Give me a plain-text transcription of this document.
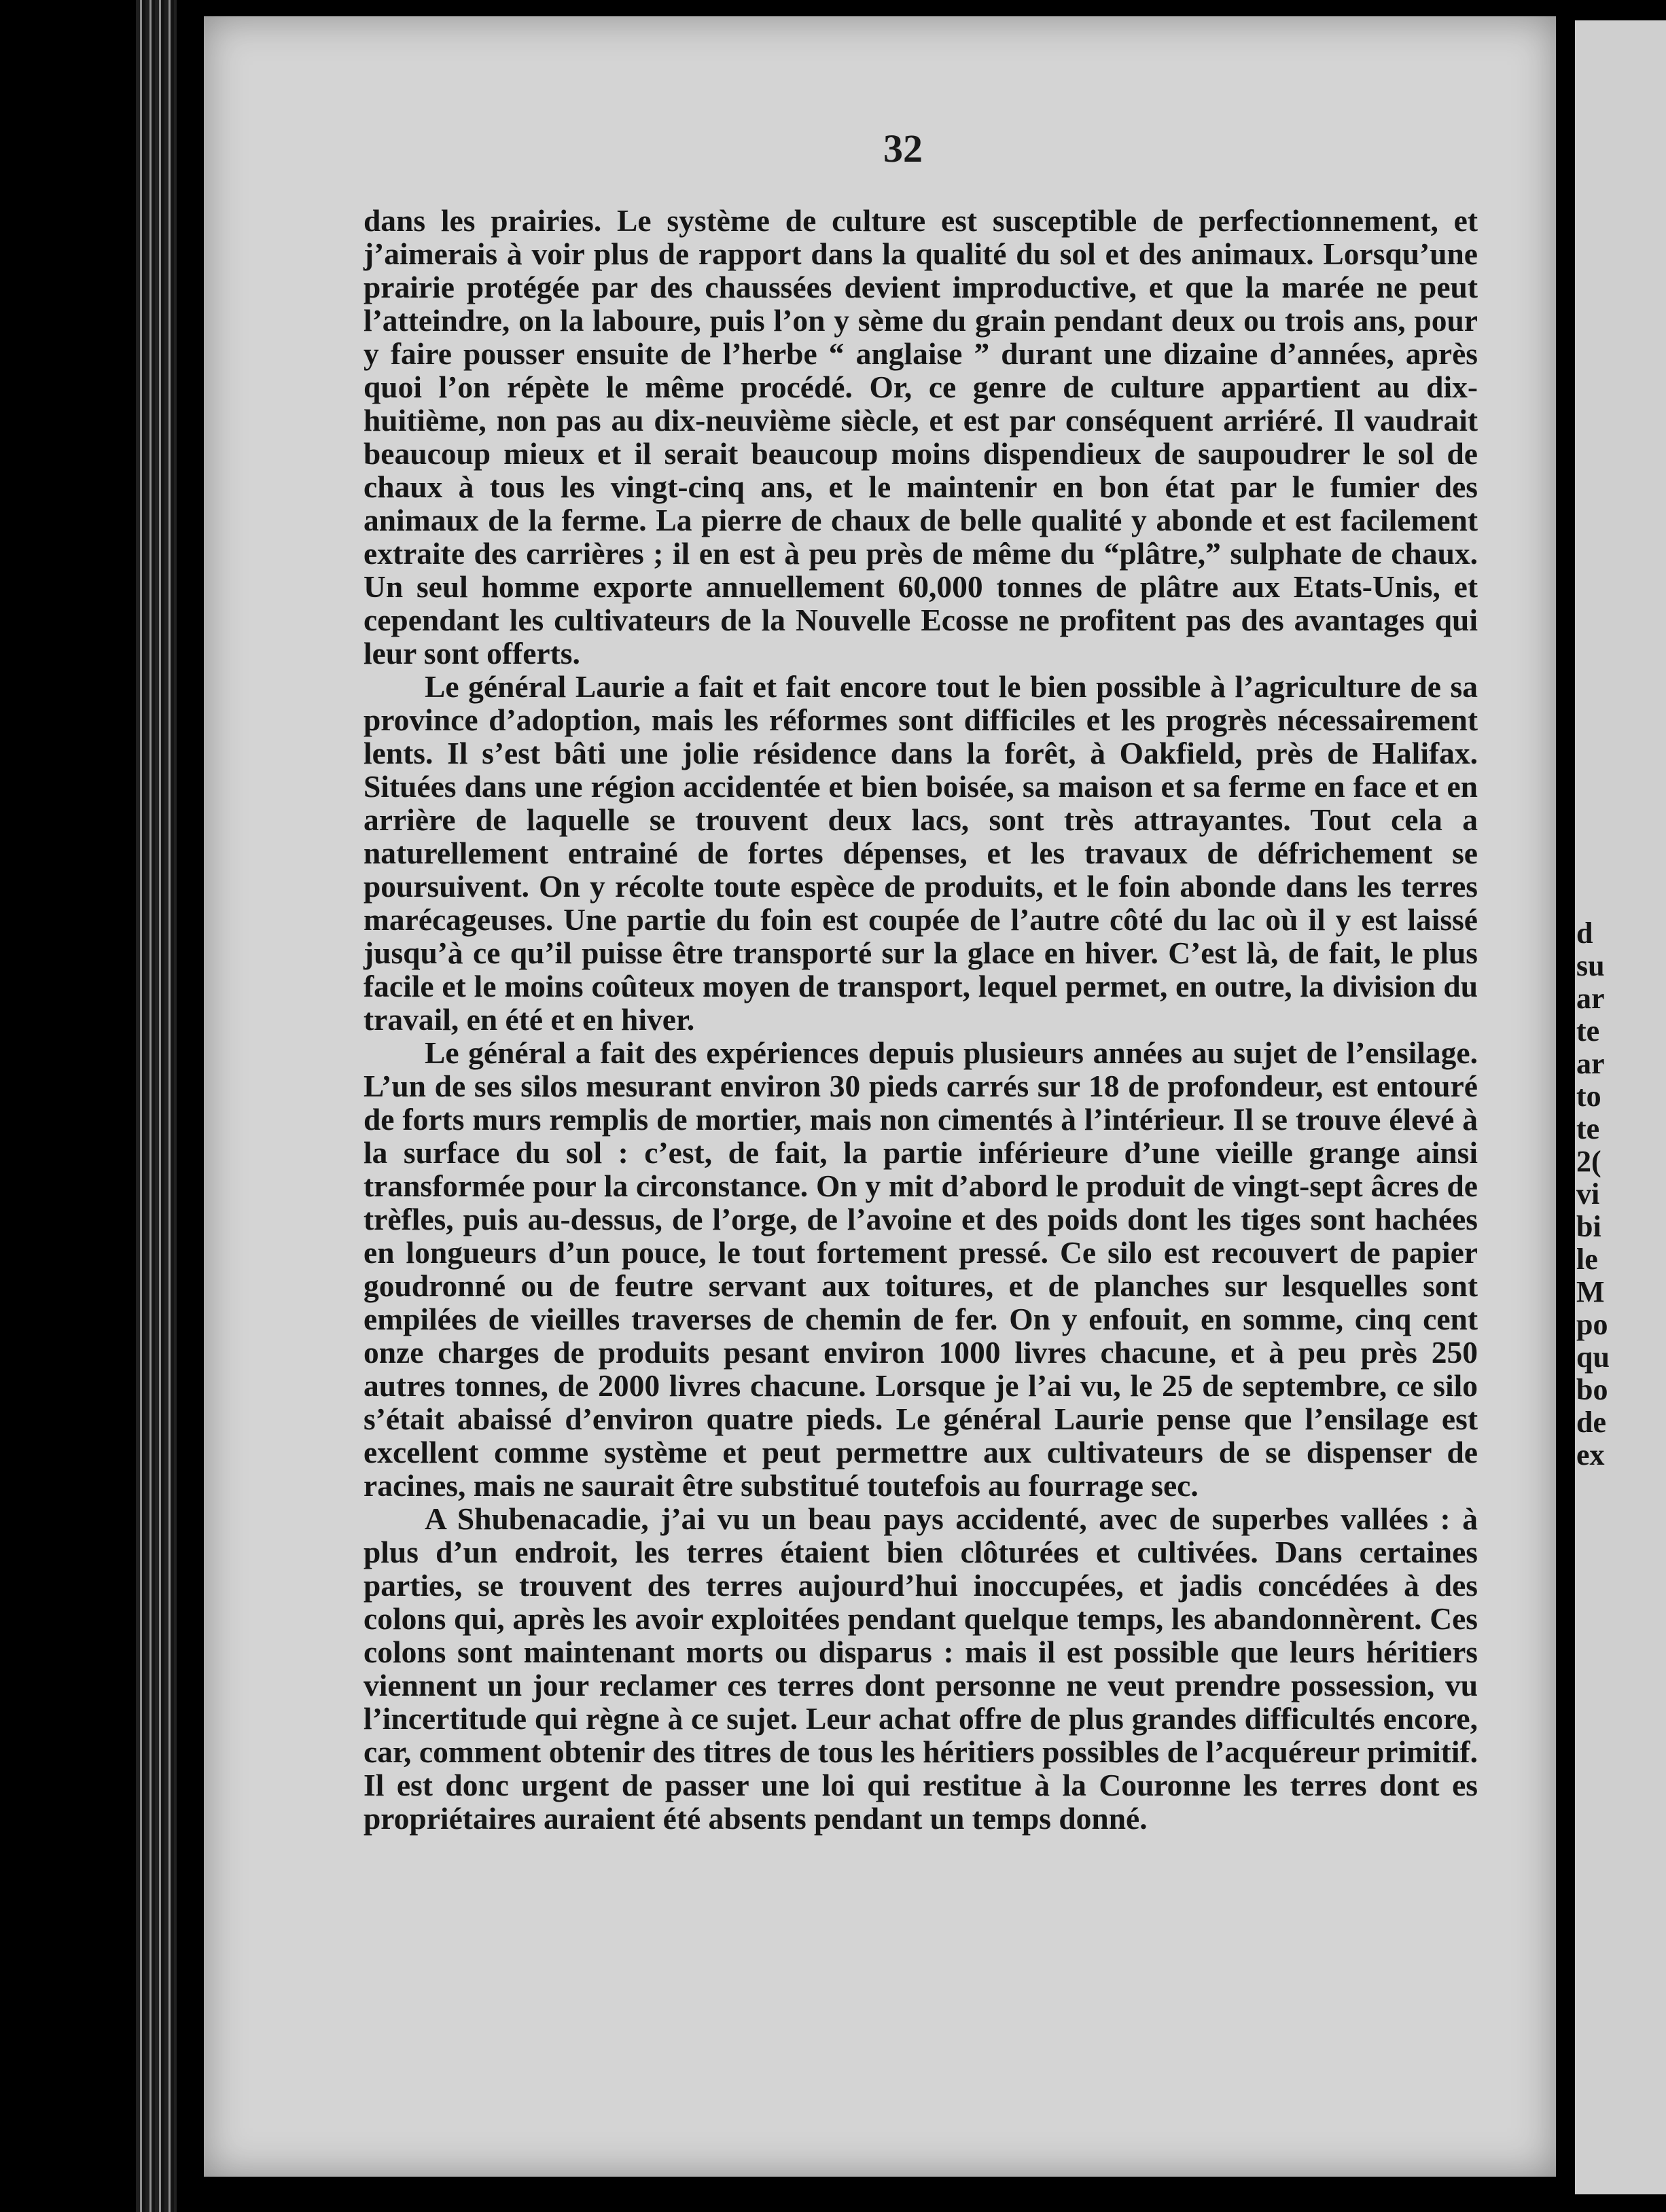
32

dans les prairies. Le système de culture est susceptible de perfectionnement, et j’aimerais à voir plus de rapport dans la qualité du sol et des animaux. Lorsqu’une prairie protégée par des chaussées devient improductive, et que la marée ne peut l’atteindre, on la laboure, puis l’on y sème du grain pendant deux ou trois ans, pour y faire pousser ensuite de l’herbe “ anglaise ” durant une dizaine d’années, après quoi l’on répète le même procédé. Or, ce genre de culture appartient au dix-huitième, non pas au dix-neuvième siècle, et est par conséquent arriéré. Il vaudrait beaucoup mieux et il serait beaucoup moins dispendieux de saupoudrer le sol de chaux à tous les vingt-cinq ans, et le maintenir en bon état par le fumier des animaux de la ferme. La pierre de chaux de belle qualité y abonde et est facilement extraite des carrières ; il en est à peu près de même du “plâtre,” sulphate de chaux. Un seul homme exporte annuellement 60,000 tonnes de plâtre aux Etats-Unis, et cependant les cultivateurs de la Nouvelle Ecosse ne profitent pas des avantages qui leur sont offerts.

Le général Laurie a fait et fait encore tout le bien possible à l’agriculture de sa province d’adoption, mais les réformes sont difficiles et les progrès nécessairement lents. Il s’est bâti une jolie résidence dans la forêt, à Oakfield, près de Halifax. Situées dans une région accidentée et bien boisée, sa maison et sa ferme en face et en arrière de laquelle se trouvent deux lacs, sont très attrayantes. Tout cela a naturellement entrainé de fortes dépenses, et les travaux de défrichement se poursuivent. On y récolte toute espèce de produits, et le foin abonde dans les terres marécageuses. Une partie du foin est coupée de l’autre côté du lac où il y est laissé jusqu’à ce qu’il puisse être transporté sur la glace en hiver. C’est là, de fait, le plus facile et le moins coûteux moyen de transport, lequel permet, en outre, la division du travail, en été et en hiver.

Le général a fait des expériences depuis plusieurs années au sujet de l’ensilage. L’un de ses silos mesurant environ 30 pieds carrés sur 18 de profondeur, est entouré de forts murs remplis de mortier, mais non cimentés à l’intérieur. Il se trouve élevé à la surface du sol : c’est, de fait, la partie inférieure d’une vieille grange ainsi transformée pour la circonstance. On y mit d’abord le produit de vingt-sept âcres de trèfles, puis au-dessus, de l’orge, de l’avoine et des poids dont les tiges sont hachées en longueurs d’un pouce, le tout fortement pressé. Ce silo est recouvert de papier goudronné ou de feutre servant aux toitures, et de planches sur lesquelles sont empilées de vieilles traverses de chemin de fer. On y enfouit, en somme, cinq cent onze charges de produits pesant environ 1000 livres chacune, et à peu près 250 autres tonnes, de 2000 livres chacune. Lorsque je l’ai vu, le 25 de septembre, ce silo s’était abaissé d’environ quatre pieds. Le général Laurie pense que l’ensilage est excellent comme système et peut permettre aux cultivateurs de se dispenser de racines, mais ne saurait être substitué toutefois au fourrage sec.

A Shubenacadie, j’ai vu un beau pays accidenté, avec de superbes vallées : à plus d’un endroit, les terres étaient bien clôturées et cultivées. Dans certaines parties, se trouvent des terres aujourd’hui inoccupées, et jadis concédées à des colons qui, après les avoir exploitées pendant quelque temps, les abandonnèrent. Ces colons sont maintenant morts ou disparus : mais il est possible que leurs héritiers viennent un jour reclamer ces terres dont personne ne veut prendre possession, vu l’incertitude qui règne à ce sujet. Leur achat offre de plus grandes difficultés encore, car, comment obtenir des titres de tous les héritiers possibles de l’acquéreur primitif. Il est donc urgent de passer une loi qui restitue à la Couronne les terres dont es propriétaires auraient été absents pendant un temps donné.

d
su
ar
te
ar
to
te
2(
vi
bi
le
M
po
qu
bo
de
ex
